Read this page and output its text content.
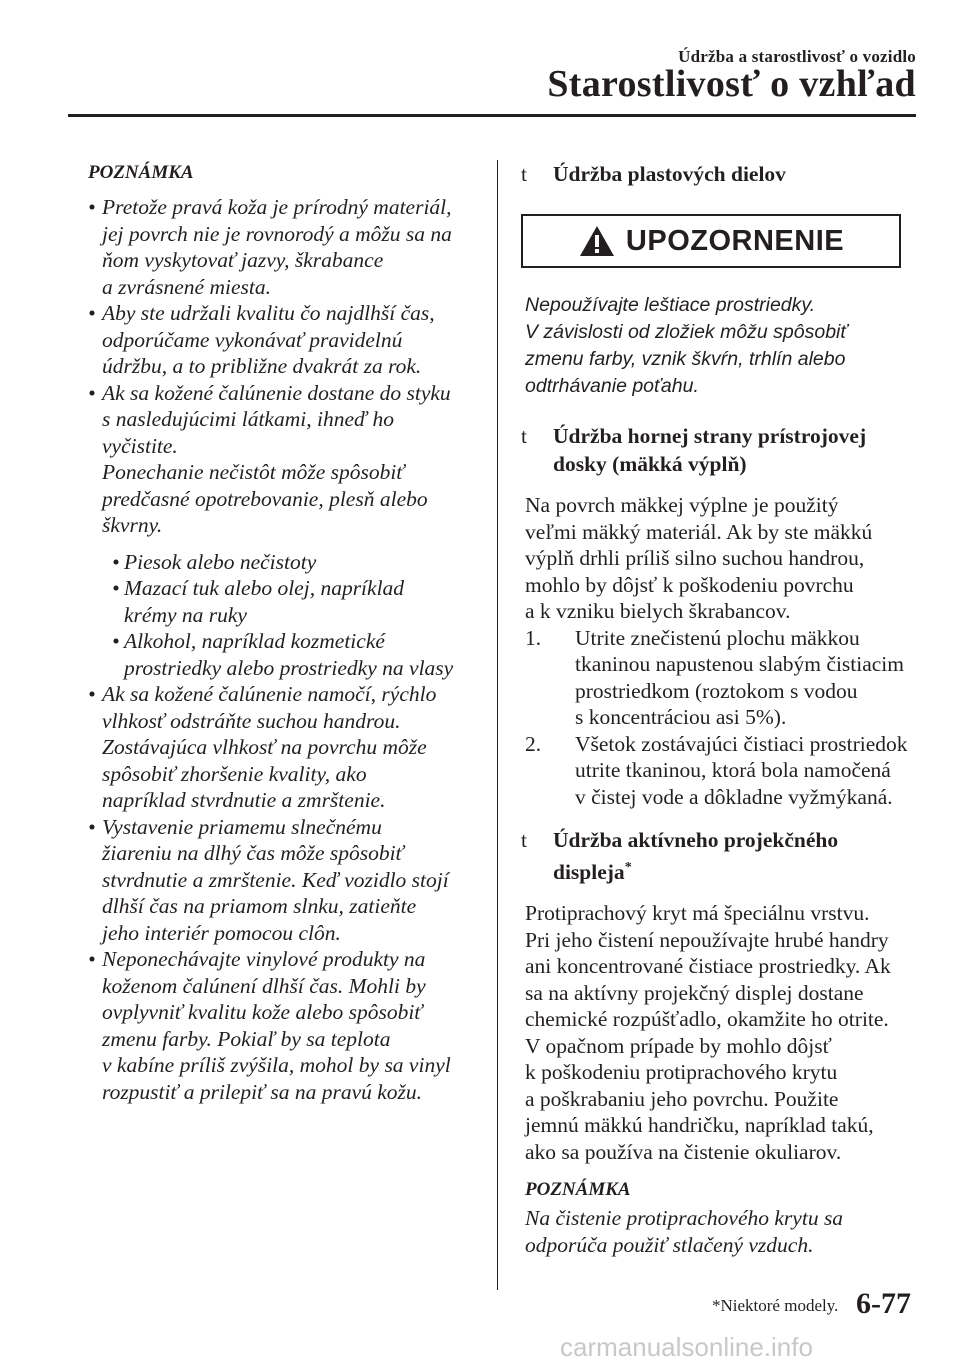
Údržba a starostlivosť o vozidlo
Starostlivosť o vzhľad
POZNÁMKA
• Pretože pravá koža je prírodný materiál,
jej povrch nie je rovnorodý a môžu sa na
ňom vyskytovať jazvy, škrabance
a zvrásnené miesta.
• Aby ste udržali kvalitu čo najdlhší čas,
odporúčame vykonávať pravidelnú
údržbu, a to približne dvakrát za rok.
• Ak sa kožené čalúnenie dostane do styku
s nasledujúcimi látkami, ihneď ho
vyčistite.
Ponechanie nečistôt môže spôsobiť
predčasné opotrebovanie, plesň alebo
škvrny.
• Piesok alebo nečistoty
• Mazací tuk alebo olej, napríklad
krémy na ruky
• Alkohol, napríklad kozmetické
prostriedky alebo prostriedky na vlasy
• Ak sa kožené čalúnenie namočí, rýchlo
vlhkosť odstráňte suchou handrou.
Zostávajúca vlhkosť na povrchu môže
spôsobiť zhoršenie kvality, ako
napríklad stvrdnutie a zmrštenie.
• Vystavenie priamemu slnečnému
žiareniu na dlhý čas môže spôsobiť
stvrdnutie a zmrštenie. Keď vozidlo stojí
dlhší čas na priamom slnku, zatieňte
jeho interiér pomocou clôn.
• Neponechávajte vinylové produkty na
koženom čalúnení dlhší čas. Mohli by
ovplyvniť kvalitu kože alebo spôsobiť
zmenu farby. Pokiaľ by sa teplota
v kabíne príliš zvýšila, mohol by sa vinyl
rozpustiť a prilepiť sa na pravú kožu.
t Údržba plastových dielov
UPOZORNENIE
Nepoužívajte leštiace prostriedky.
V závislosti od zložiek môžu spôsobiť
zmenu farby, vznik škvŕn, trhlín alebo
odtrhávanie poťahu.
t Údržba hornej strany prístrojovej
dosky (mäkká výplň)
Na povrch mäkkej výplne je použitý
veľmi mäkký materiál. Ak by ste mäkkú
výplň drhli príliš silno suchou handrou,
mohlo by dôjsť k poškodeniu povrchu
a k vzniku bielych škrabancov.
1. Utrite znečistenú plochu mäkkou
tkaninou napustenou slabým čistiacim
prostriedkom (roztokom s vodou
s koncentráciou asi 5%).
2. Všetok zostávajúci čistiaci prostriedok
utrite tkaninou, ktorá bola namočená
v čistej vode a dôkladne vyžmýkaná.
t Údržba aktívneho projekčného
displeja*
Protiprachový kryt má špeciálnu vrstvu.
Pri jeho čistení nepoužívajte hrubé handry
ani koncentrované čistiace prostriedky. Ak
sa na aktívny projekčný displej dostane
chemické rozpúšťadlo, okamžite ho otrite.
V opačnom prípade by mohlo dôjsť
k poškodeniu protiprachového krytu
a poškrabaniu jeho povrchu. Použite
jemnú mäkkú handričku, napríklad takú,
ako sa používa na čistenie okuliarov.
POZNÁMKA
Na čistenie protiprachového krytu sa
odporúča použiť stlačený vzduch.
*Niektoré modely. 6-77
carmanualsonline.info
